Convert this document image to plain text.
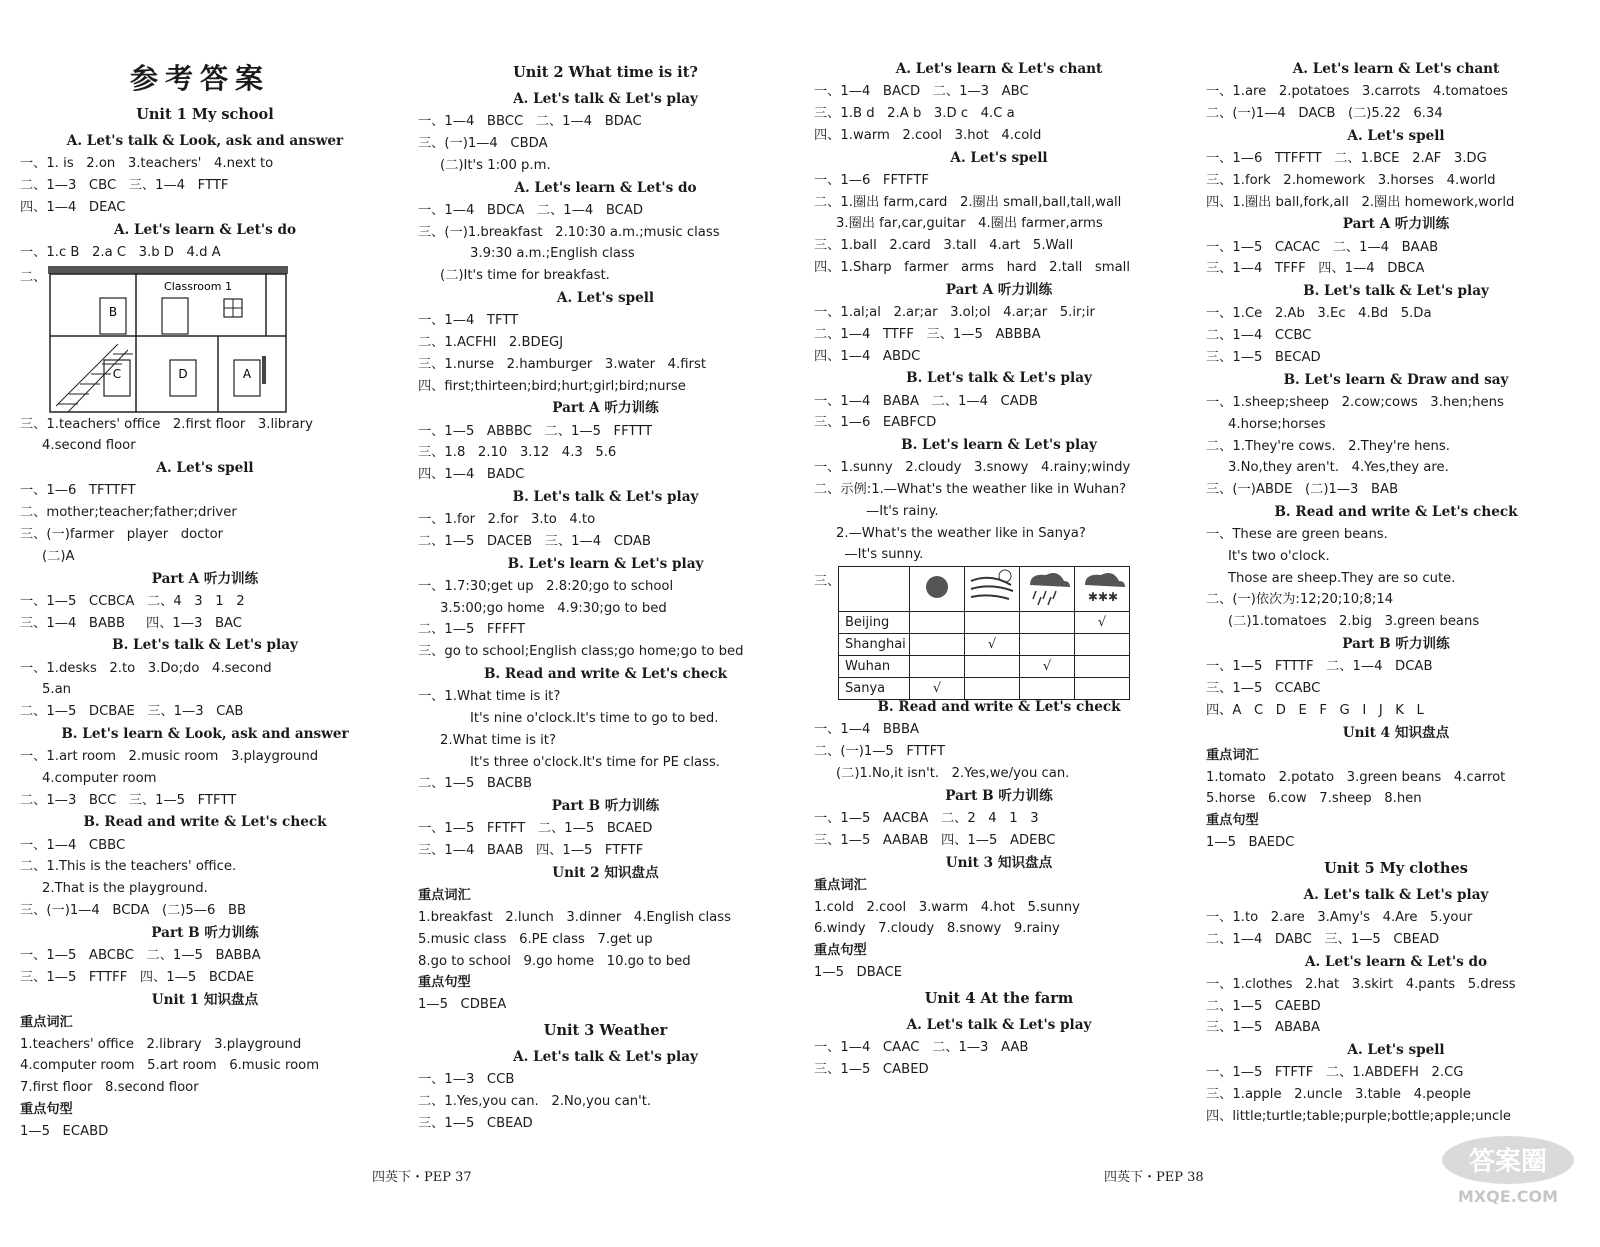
参考答案
Unit 1 My school
A. Let's talk & Look, ask and answer
一、1. is   2.on   3.teachers'   4.next to
二、1—3   CBC   三、1—4   FTTF
四、1—4   DEAC
A. Let's learn & Let's do
一、1.c B   2.a C   3.b D   4.d A
二、
Classroom 1
B
C	D	A
三、1.teachers' office   2.first floor   3.library
4.second floor
A. Let's spell
一、1—6   TFTTFT
二、mother;teacher;father;driver
三、(一)farmer   player   doctor
(二)A
Part A 听力训练
一、1—5   CCBCA   二、4   3   1   2
三、1—4   BABB     四、1—3   BAC
B. Let's talk & Let's play
一、1.desks   2.to   3.Do;do   4.second
5.an
二、1—5   DCBAE   三、1—3   CAB
B. Let's learn & Look, ask and answer
一、1.art room   2.music room   3.playground
4.computer room
二、1—3   BCC   三、1—5   FTFTT
B. Read and write & Let's check
一、1—4   CBBC
二、1.This is the teachers' office.
2.That is the playground.
三、(一)1—4   BCDA   (二)5—6   BB
Part B 听力训练
一、1—5   ABCBC   二、1—5   BABBA
三、1—5   FTTFF   四、1—5   BCDAE
Unit 1 知识盘点
重点词汇
1.teachers' office   2.library   3.playground
4.computer room   5.art room   6.music room
7.first floor   8.second floor
重点句型
1—5   ECABD
Unit 2 What time is it?
A. Let's talk & Let's play
一、1—4   BBCC   二、1—4   BDAC
三、(一)1—4   CBDA
(二)It's 1:00 p.m.
A. Let's learn & Let's do
一、1—4   BDCA   二、1—4   BCAD
三、(一)1.breakfast   2.10:30 a.m.;music class
3.9:30 a.m.;English class
(二)It's time for breakfast.
A. Let's spell
一、1—4   TFTT
二、1.ACFHI   2.BDEGJ
三、1.nurse   2.hamburger   3.water   4.first
四、first;thirteen;bird;hurt;girl;bird;nurse
Part A 听力训练
一、1—5   ABBBC   二、1—5   FFTTT
三、1.8   2.10   3.12   4.3   5.6
四、1—4   BADC
B. Let's talk & Let's play
一、1.for   2.for   3.to   4.to
二、1—5   DACEB   三、1—4   CDAB
B. Let's learn & Let's play
一、1.7:30;get up   2.8:20;go to school
3.5:00;go home   4.9:30;go to bed
二、1—5   FFFFT
三、go to school;English class;go home;go to bed
B. Read and write & Let's check
一、1.What time is it?
It's nine o'clock.It's time to go to bed.
2.What time is it?
It's three o'clock.It's time for PE class.
二、1—5   BACBB
Part B 听力训练
一、1—5   FFTFT   二、1—5   BCAED
三、1—4   BAAB   四、1—5   FTFTF
Unit 2 知识盘点
重点词汇
1.breakfast   2.lunch   3.dinner   4.English class
5.music class   6.PE class   7.get up
8.go to school   9.go home   10.go to bed
重点句型
1—5   CDBEA
Unit 3 Weather
A. Let's talk & Let's play
一、1—3   CCB
二、1.Yes,you can.   2.No,you can't.
三、1—5   CBEAD
A. Let's learn & Let's chant
一、1—4   BACD   二、1—3   ABC
三、1.B d   2.A b   3.D c   4.C a
四、1.warm   2.cool   3.hot   4.cold
A. Let's spell
一、1—6   FFTFTF
二、1.圈出 farm,card   2.圈出 small,ball,tall,wall
3.圈出 far,car,guitar   4.圈出 farmer,arms
三、1.ball   2.card   3.tall   4.art   5.Wall
四、1.Sharp   farmer   arms   hard   2.tall   small
Part A 听力训练
一、1.al;al   2.ar;ar   3.ol;ol   4.ar;ar   5.ir;ir
二、1—4   TTFF   三、1—5   ABBBA
四、1—4   ABDC
B. Let's talk & Let's play
一、1—4   BABA   二、1—4   CADB
三、1—6   EABFCD
B. Let's learn & Let's play
一、1.sunny   2.cloudy   3.snowy   4.rainy;windy
二、示例:1.—What's the weather like in Wuhan?
—It's rainy.
2.—What's the weather like in Sanya?
—It's sunny.
三、

✱✱✱

Beijing				√
Shanghai		√		
Wuhan			√	
Sanya	√			
B. Read and write & Let's check
一、1—4   BBBA
二、(一)1—5   FTTFT
(二)1.No,it isn't.   2.Yes,we/you can.
Part B 听力训练
一、1—5   AACBA   二、2   4   1   3
三、1—5   AABAB   四、1—5   ADEBC
Unit 3 知识盘点
重点词汇
1.cold   2.cool   3.warm   4.hot   5.sunny
6.windy   7.cloudy   8.snowy   9.rainy
重点句型
1—5   DBACE
Unit 4 At the farm
A. Let's talk & Let's play
一、1—4   CAAC   二、1—3   AAB
三、1—5   CABED
A. Let's learn & Let's chant
一、1.are   2.potatoes   3.carrots   4.tomatoes
二、(一)1—4   DACB   (二)5.22   6.34
A. Let's spell
一、1—6   TTFFTT   二、1.BCE   2.AF   3.DG
三、1.fork   2.homework   3.horses   4.world
四、1.圈出 ball,fork,all   2.圈出 homework,world
Part A 听力训练
一、1—5   CACAC   二、1—4   BAAB
三、1—4   TFFF   四、1—4   DBCA
B. Let's talk & Let's play
一、1.Ce   2.Ab   3.Ec   4.Bd   5.Da
二、1—4   CCBC
三、1—5   BECAD
B. Let's learn & Draw and say
一、1.sheep;sheep   2.cow;cows   3.hen;hens
4.horse;horses
二、1.They're cows.   2.They're hens.
3.No,they aren't.   4.Yes,they are.
三、(一)ABDE   (二)1—3   BAB
B. Read and write & Let's check
一、These are green beans.
It's two o'clock.
Those are sheep.They are so cute.
二、(一)依次为:12;20;10;8;14
(二)1.tomatoes   2.big   3.green beans
Part B 听力训练
一、1—5   FTTTF   二、1—4   DCAB
三、1—5   CCABC
四、A   C   D   E   F   G   I   J   K   L
Unit 4 知识盘点
重点词汇
1.tomato   2.potato   3.green beans   4.carrot
5.horse   6.cow   7.sheep   8.hen
重点句型
1—5   BAEDC
Unit 5 My clothes
A. Let's talk & Let's play
一、1.to   2.are   3.Amy's   4.Are   5.your
二、1—4   DABC   三、1—5   CBEAD
A. Let's learn & Let's do
一、1.clothes   2.hat   3.skirt   4.pants   5.dress
二、1—5   CAEBD
三、1—5   ABABA
A. Let's spell
一、1—5   FTFTF   二、1.ABDEFH   2.CG
三、1.apple   2.uncle   3.table   4.people
四、little;turtle;table;purple;bottle;apple;uncle
四英下・PEP 38
四英下・PEP 37
答案圈
MXQE.COM
